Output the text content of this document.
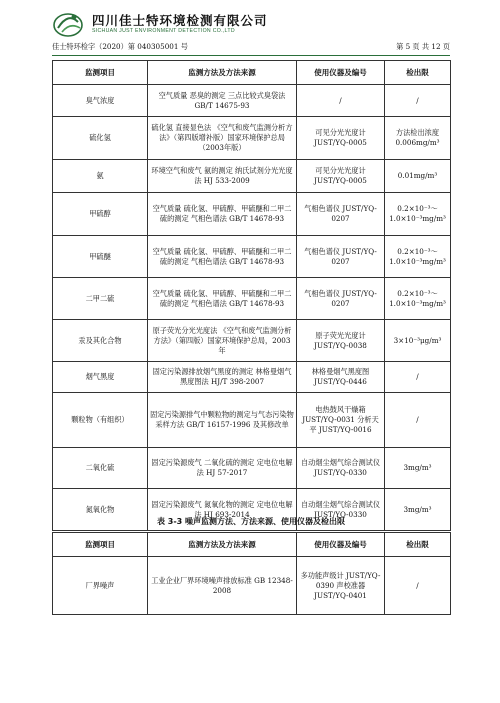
四川佳士特环境检测有限公司
SICHUAN JUST ENVIRONMENT DETECTION CO.,LTD
佳士特环检字（2020）第 040305001 号	第 5 页 共 12 页
监测项目	监测方法及方法来源	使用仪器及编号	检出限
臭气浓度	空气质量 恶臭的测定 三点比较式臭袋法 GB/T 14675-93	/	/
硫化氢	硫化氢 直接显色法 《空气和废气监测分析方法》（第四版增补版）国家环境保护总局（2003年版）	可见分光光度计 JUST/YQ-0005	方法检出浓度 0.006mg/m³
氨	环境空气和废气 氨的测定 纳氏试剂分光光度法 HJ 533-2009	可见分光光度计 JUST/YQ-0005	0.01mg/m³
甲硫醇	空气质量 硫化氢、甲硫醇、甲硫醚和二甲二硫的测定 气相色谱法 GB/T 14678-93	气相色谱仪 JUST/YQ-0207	0.2×10⁻³～1.0×10⁻³mg/m³
甲硫醚	空气质量 硫化氢、甲硫醇、甲硫醚和二甲二硫的测定 气相色谱法 GB/T 14678-93	气相色谱仪 JUST/YQ-0207	0.2×10⁻³～1.0×10⁻³mg/m³
二甲二硫	空气质量 硫化氢、甲硫醇、甲硫醚和二甲二硫的测定 气相色谱法 GB/T 14678-93	气相色谱仪 JUST/YQ-0207	0.2×10⁻³～1.0×10⁻³mg/m³
汞及其化合物	原子荧光分光光度法 《空气和废气监测分析方法》（第四版）国家环境保护总局，2003年	原子荧光光度计 JUST/YQ-0038	3×10⁻³μg/m³
烟气黑度	固定污染源排放烟气黑度的测定 林格曼烟气黑度图法 HJ/T 398-2007	林格曼烟气黑度图 JUST/YQ-0446	/
颗粒物（有组织）	固定污染源排气中颗粒物的测定与气态污染物采样方法 GB/T 16157-1996 及其修改单	电热鼓风干燥箱 JUST/YQ-0031 分析天平 JUST/YQ-0016	/
二氧化硫	固定污染源废气 二氧化硫的测定 定电位电解法 HJ 57-2017	自动烟尘烟气综合测试仪 JUST/YQ-0330	3mg/m³
氮氧化物	固定污染源废气 氮氧化物的测定 定电位电解法 HJ 693-2014	自动烟尘烟气综合测试仪 JUST/YQ-0330	3mg/m³
表 3-3 噪声监测方法、方法来源、使用仪器及检出限
监测项目	监测方法及方法来源	使用仪器及编号	检出限
厂界噪声	工业企业厂界环境噪声排放标准 GB 12348-2008	多功能声级计 JUST/YQ-0390 声校准器 JUST/YQ-0401	/
